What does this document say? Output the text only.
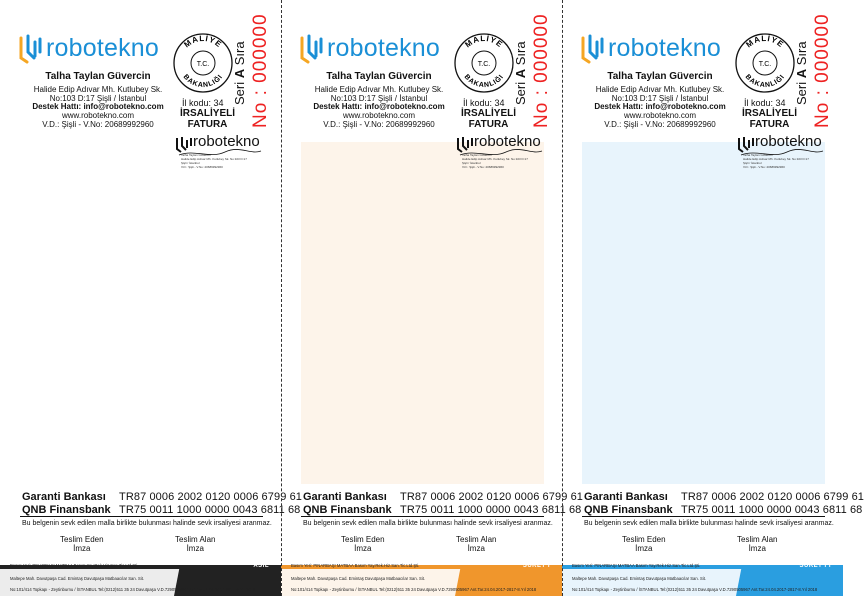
robotekno	MALİYE
BAKANLIĞI
T.C.
İl kodu: 34
İRSALİYELİ
FATURA
Seri A Sıra
No : 000000
Talha Taylan Güvercin
Halide Edip Adıvar Mh. Kutlubey Sk.
No:103 D:17 Şişli / İstanbul
Destek Hattı: info@robotekno.com
www.robotekno.com
V.D.: Şişli - V.No: 20689992960
robotekno
Talha Taylan Güvercin
Halide Edip Adıvar Mh. Kutlubey Sk. No:103 D:17
Şişli / İstanbul
V.D.: Şişli - V.No: 20689992960
Garanti Bankası TR87 0006 2002 0120 0006 6799 61
QNB Finansbank TR75 0011 1000 0000 0043 6811 68
Bu belgenin sevk edilen malla birlikte bulunması halinde sevk irsaliyesi aranmaz.
Teslim Eden
İmza
Teslim Alan
İmza
ASIL
Basım Yeri: PINARBAŞI MATBAA Basım Yay.Rek.Hiz.San.Tic.Ltd.Şti.
Maltepe Mah. Davutpaşa Cad. Emintaş Davutpaşa Matbaacılar San. Sit.
No:101/414 Topkapı - Zeytinburnu / İSTANBUL Tel:(0212)511 35 24 Davutpaşa V.D.7290505967 Ant.Tar.24.04.2017-2817-8.Yıl 2018
robotekno	MALİYE
BAKANLIĞI
T.C.
İl kodu: 34
İRSALİYELİ
FATURA
Seri A Sıra
No : 000000
Talha Taylan Güvercin
Halide Edip Adıvar Mh. Kutlubey Sk.
No:103 D:17 Şişli / İstanbul
Destek Hattı: info@robotekno.com
www.robotekno.com
V.D.: Şişli - V.No: 20689992960
robotekno
Talha Taylan Güvercin
Halide Edip Adıvar Mh. Kutlubey Sk. No:103 D:17
Şişli / İstanbul
V.D.: Şişli - V.No: 20689992960
Garanti Bankası TR87 0006 2002 0120 0006 6799 61
QNB Finansbank TR75 0011 1000 0000 0043 6811 68
Bu belgenin sevk edilen malla birlikte bulunması halinde sevk irsaliyesi aranmaz.
Teslim Eden
İmza
Teslim Alan
İmza
SURET I
Basım Yeri: PINARBAŞI MATBAA Basım Yay.Rek.Hiz.San.Tic.Ltd.Şti.
Maltepe Mah. Davutpaşa Cad. Emintaş Davutpaşa Matbaacılar San. Sit.
No:101/414 Topkapı - Zeytinburnu / İSTANBUL Tel:(0212)511 35 24 Davutpaşa V.D.7290505967 Ant.Tar.24.04.2017-2817-8.Yıl 2018
robotekno	MALİYE
BAKANLIĞI
T.C.
İl kodu: 34
İRSALİYELİ
FATURA
Seri A Sıra
No : 000000
Talha Taylan Güvercin
Halide Edip Adıvar Mh. Kutlubey Sk.
No:103 D:17 Şişli / İstanbul
Destek Hattı: info@robotekno.com
www.robotekno.com
V.D.: Şişli - V.No: 20689992960
robotekno
Talha Taylan Güvercin
Halide Edip Adıvar Mh. Kutlubey Sk. No:103 D:17
Şişli / İstanbul
V.D.: Şişli - V.No: 20689992960
Garanti Bankası TR87 0006 2002 0120 0006 6799 61
QNB Finansbank TR75 0011 1000 0000 0043 6811 68
Bu belgenin sevk edilen malla birlikte bulunması halinde sevk irsaliyesi aranmaz.
Teslim Eden
İmza
Teslim Alan
İmza
SURET I I
Basım Yeri: PINARBAŞI MATBAA Basım Yay.Rek.Hiz.San.Tic.Ltd.Şti.
Maltepe Mah. Davutpaşa Cad. Emintaş Davutpaşa Matbaacılar San. Sit.
No:101/414 Topkapı - Zeytinburnu / İSTANBUL Tel:(0212)511 35 24 Davutpaşa V.D.7290505967 Ant.Tar.24.04.2017-2817-8.Yıl 2018
